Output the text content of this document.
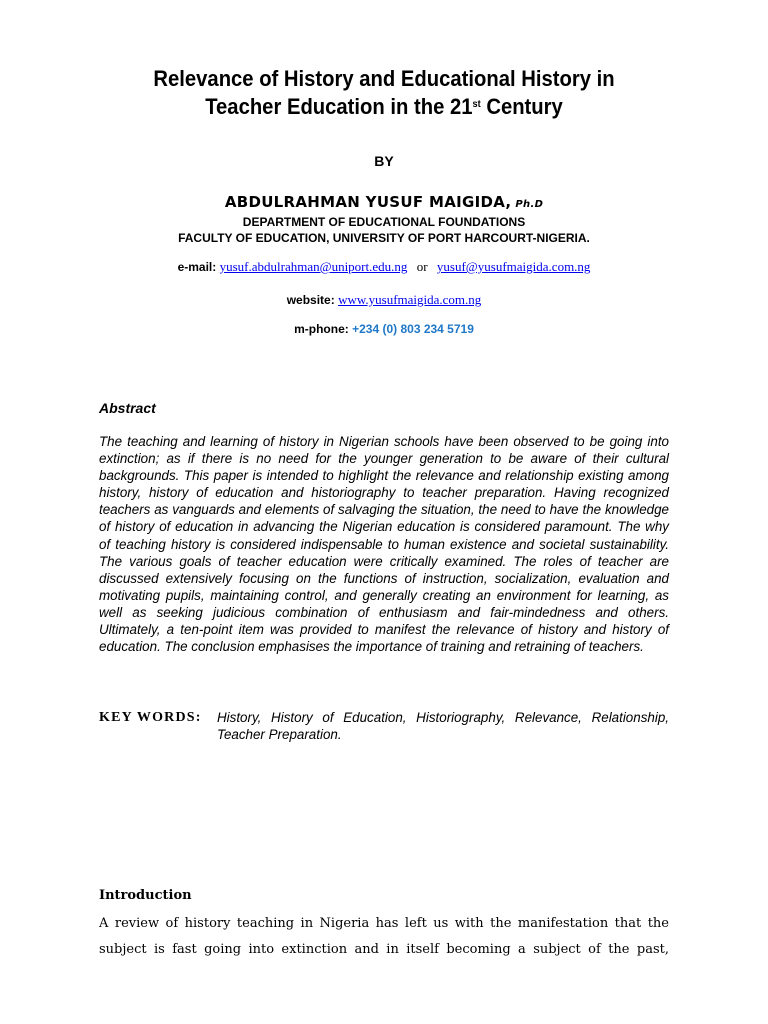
Relevance of History and Educational History in
Teacher Education in the 21st Century
BY
ABDULRAHMAN YUSUF MAIGIDA, Ph.D
DEPARTMENT OF EDUCATIONAL FOUNDATIONS
FACULTY OF EDUCATION, UNIVERSITY OF PORT HARCOURT-NIGERIA.
e-mail: yusuf.abdulrahman@uniport.edu.ng or yusuf@yusufmaigida.com.ng
website: www.yusufmaigida.com.ng
m-phone: +234 (0) 803 234 5719
Abstract

The teaching and learning of history in Nigerian schools have been observed to be going into extinction; as if there is no need for the younger generation to be aware of their cultural backgrounds. This paper is intended to highlight the relevance and relationship existing among history, history of education and historiography to teacher preparation. Having recognized teachers as vanguards and elements of salvaging the situation, the need to have the knowledge of history of education in advancing the Nigerian education is considered paramount. The why of teaching history is considered indispensable to human existence and societal sustainability. The various goals of teacher education were critically examined. The roles of teacher are discussed extensively focusing on the functions of instruction, socialization, evaluation and motivating pupils, maintaining control, and generally creating an environment for learning, as well as seeking judicious combination of enthusiasm and fair-mindedness and others. Ultimately, a ten-point item was provided to manifest the relevance of history and history of education. The conclusion emphasises the importance of training and retraining of teachers.

KEY WORDS:	History, History of Education, Historiography, Relevance, Relationship, Teacher Preparation.
Introduction

A review of history teaching in Nigeria has left us with the manifestation that the subject is fast going into extinction and in itself becoming a subject of the past,
